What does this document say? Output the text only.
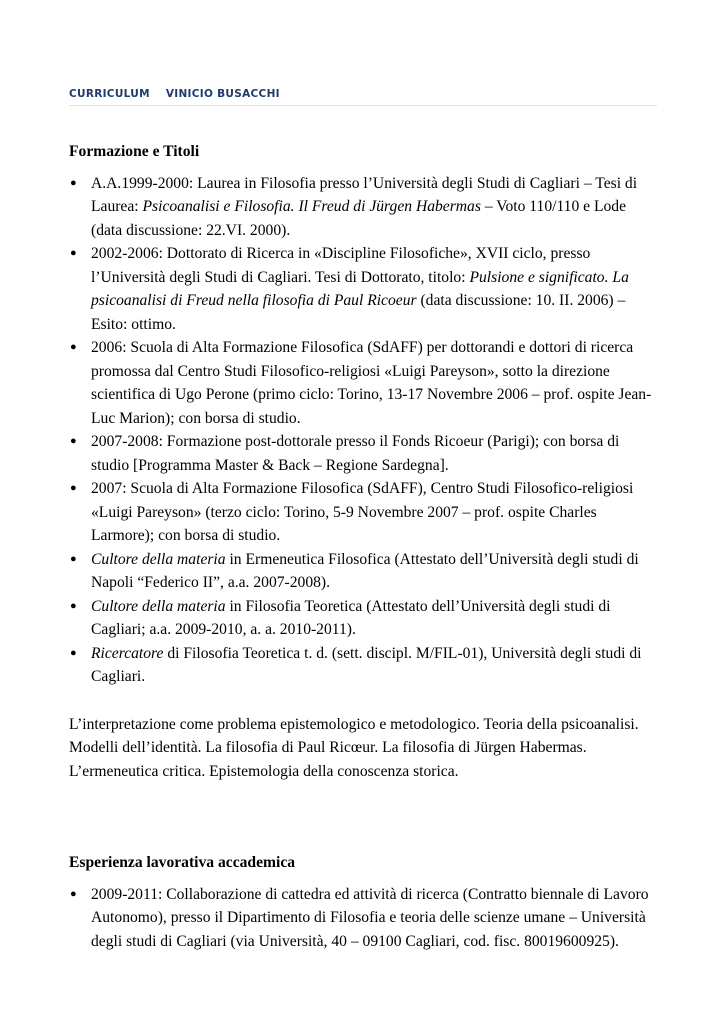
CURRICULUM VINICIO BUSACCHI
Formazione e Titoli
● A.A.1999-2000: Laurea in Filosofia presso l’Università degli Studi di Cagliari – Tesi di Laurea: Psicoanalisi e Filosofia. Il Freud di Jürgen Habermas – Voto 110/110 e Lode (data discussione: 22.VI. 2000).
● 2002-2006: Dottorato di Ricerca in «Discipline Filosofiche», XVII ciclo, presso l’Università degli Studi di Cagliari. Tesi di Dottorato, titolo: Pulsione e significato. La psicoanalisi di Freud nella filosofia di Paul Ricoeur (data discussione: 10. II. 2006) – Esito: ottimo.
● 2006: Scuola di Alta Formazione Filosofica (SdAFF) per dottorandi e dottori di ricerca promossa dal Centro Studi Filosofico-religiosi «Luigi Pareyson», sotto la direzione scientifica di Ugo Perone (primo ciclo: Torino, 13-17 Novembre 2006 – prof. ospite Jean-Luc Marion); con borsa di studio.
● 2007-2008: Formazione post-dottorale presso il Fonds Ricoeur (Parigi); con borsa di studio [Programma Master & Back – Regione Sardegna].
● 2007: Scuola di Alta Formazione Filosofica (SdAFF), Centro Studi Filosofico-religiosi «Luigi Pareyson» (terzo ciclo: Torino, 5-9 Novembre 2007 – prof. ospite Charles Larmore); con borsa di studio.
● Cultore della materia in Ermeneutica Filosofica (Attestato dell’Università degli studi di Napoli “Federico II”, a.a. 2007-2008).
● Cultore della materia in Filosofia Teoretica (Attestato dell’Università degli studi di Cagliari; a.a. 2009-2010, a. a. 2010-2011).
● Ricercatore di Filosofia Teoretica t. d. (sett. discipl. M/FIL-01), Università degli studi di Cagliari.

L’interpretazione come problema epistemologico e metodologico. Teoria della psicoanalisi. Modelli dell’identità. La filosofia di Paul Ricœur. La filosofia di Jürgen Habermas. L’ermeneutica critica. Epistemologia della conoscenza storica.

Esperienza lavorativa accademica
● 2009-2011: Collaborazione di cattedra ed attività di ricerca (Contratto biennale di Lavoro Autonomo), presso il Dipartimento di Filosofia e teoria delle scienze umane – Università degli studi di Cagliari (via Università, 40 – 09100 Cagliari, cod. fisc. 80019600925).
